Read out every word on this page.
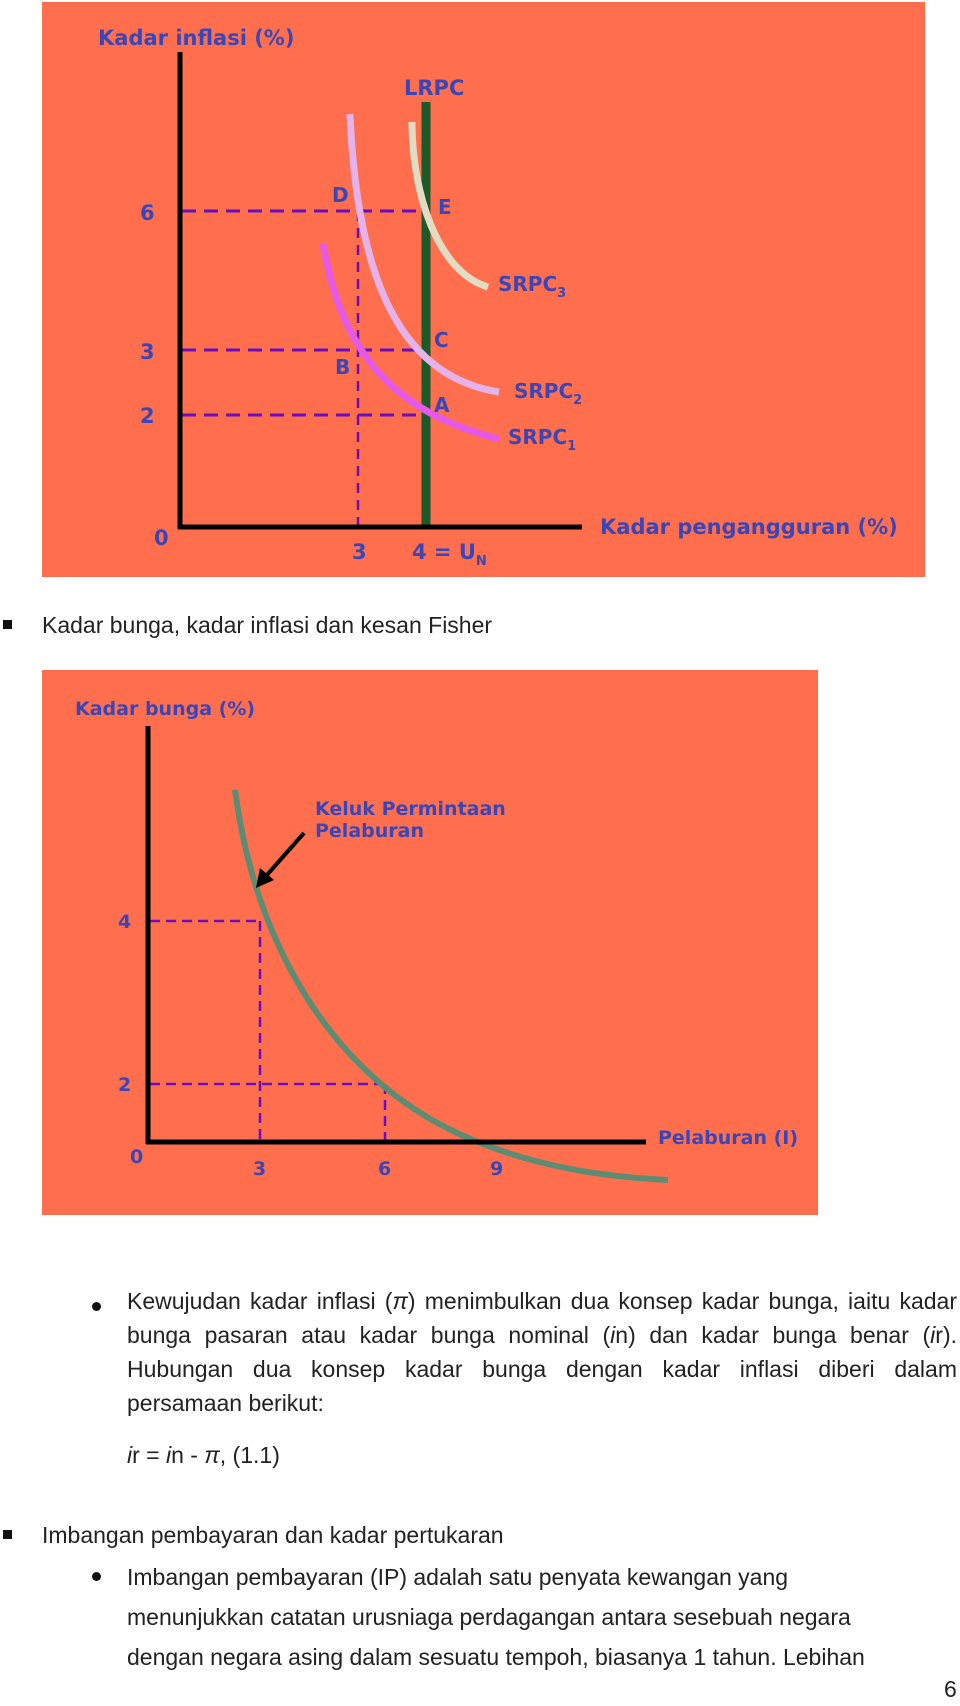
Kadar inflasi (%)
Kadar pengangguran (%)
LRPC
6
3
2
0
3 $4 = U_N$
D	E
C
B
A
$SRPC_3$
$SRPC_2$
$SRPC_1$
Kadar bunga, kadar inflasi dan kesan Fisher
Kadar bunga (%)
Pelaburan (I)
Keluk Permintaan
Pelaburan
4
2
0
3	6	9
Kewujudan kadar inflasi (π) menimbulkan dua konsep kadar bunga, iaitu kadar bunga pasaran atau kadar bunga nominal (in) dan kadar bunga benar (ir). Hubungan dua konsep kadar bunga dengan kadar inflasi diberi dalam persamaan berikut:
ir = in - π, (1.1)
Imbangan pembayaran dan kadar pertukaran
Imbangan pembayaran (IP) adalah satu penyata kewangan yang
menunjukkan catatan urusniaga perdagangan antara sesebuah negara
dengan negara asing dalam sesuatu tempoh, biasanya 1 tahun. Lebihan
6
